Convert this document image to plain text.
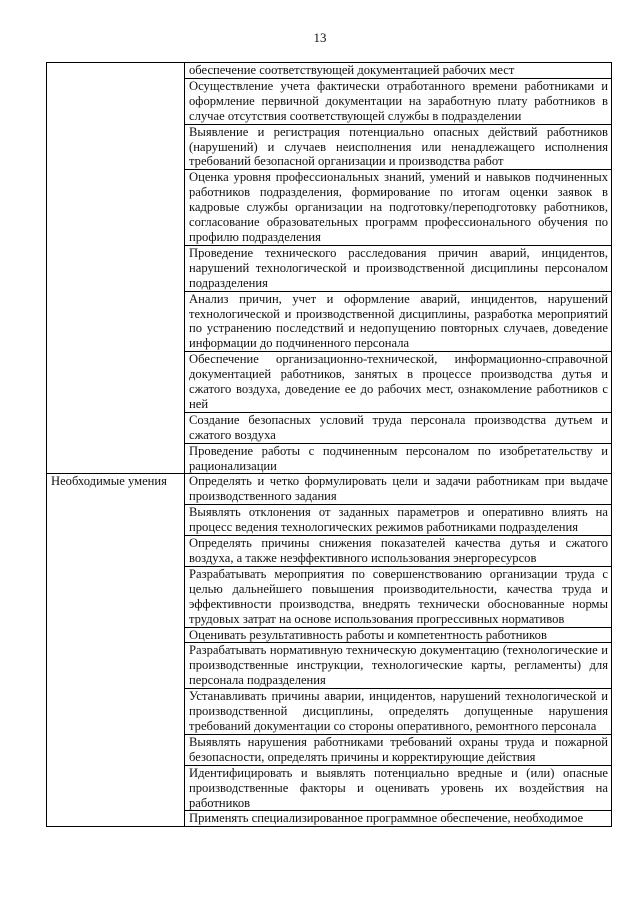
13
	обеспечение соответствующей документацией рабочих мест
	Осуществление учета фактически отработанного времени работниками и оформление первичной документации на заработную плату работников в случае отсутствия соответствующей службы в подразделении
	Выявление и регистрация потенциально опасных действий работников (нарушений) и случаев неисполнения или ненадлежащего исполнения требований безопасной организации и производства работ
	Оценка уровня профессиональных знаний, умений и навыков подчиненных работников подразделения, формирование по итогам оценки заявок в кадровые службы организации на подготовку/переподготовку работников, согласование образовательных программ профессионального обучения по профилю подразделения
	Проведение технического расследования причин аварий, инцидентов, нарушений технологической и производственной дисциплины персоналом подразделения
	Анализ причин, учет и оформление аварий, инцидентов, нарушений технологической и производственной дисциплины, разработка мероприятий по устранению последствий и недопущению повторных случаев, доведение информации до подчиненного персонала
	Обеспечение организационно-технической, информационно-справочной документацией работников, занятых в процессе производства дутья и сжатого воздуха, доведение ее до рабочих мест, ознакомление работников с ней
	Создание безопасных условий труда персонала производства дутьем и сжатого воздуха
	Проведение работы с подчиненным персоналом по изобретательству и рационализации
Необходимые умения	Определять и четко формулировать цели и задачи работникам при выдаче производственного задания
	Выявлять отклонения от заданных параметров и оперативно влиять на процесс ведения технологических режимов работниками подразделения
	Определять причины снижения показателей качества дутья и сжатого воздуха, а также неэффективного использования энергоресурсов
	Разрабатывать мероприятия по совершенствованию организации труда с целью дальнейшего повышения производительности, качества труда и эффективности производства, внедрять технически обоснованные нормы трудовых затрат на основе использования прогрессивных нормативов
	Оценивать результативность работы и компетентность работников
	Разрабатывать нормативную техническую документацию (технологические и производственные инструкции, технологические карты, регламенты) для персонала подразделения
	Устанавливать причины аварии, инцидентов, нарушений технологической и производственной дисциплины, определять допущенные нарушения требований документации со стороны оперативного, ремонтного персонала
	Выявлять нарушения работниками требований охраны труда и пожарной безопасности, определять причины и корректирующие действия
	Идентифицировать и выявлять потенциально вредные и (или) опасные производственные факторы и оценивать уровень их воздействия на работников
	Применять специализированное программное обеспечение, необходимое
